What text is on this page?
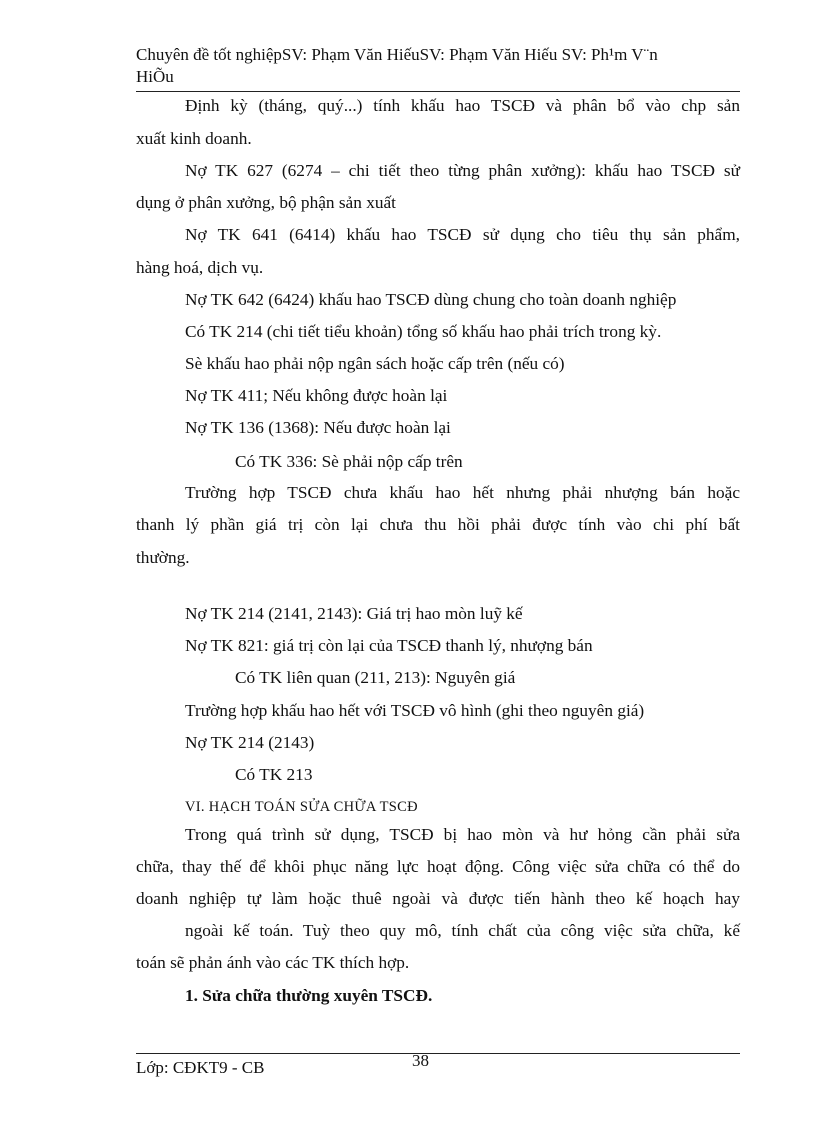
Chuyên đề tốt nghiệpSV: Phạm Văn HiếuSV: Phạm Văn Hiếu SV: Ph¹m V¨n
HiÕu
Định kỳ (tháng, quý...) tính khấu hao TSCĐ và phân bổ vào chp sản
xuất kinh doanh.
Nợ TK 627 (6274 – chi tiết theo từng phân xưởng): khấu hao TSCĐ sử
dụng ở phân xưởng, bộ phận sản xuất
Nợ TK 641 (6414) khấu hao TSCĐ sử dụng cho tiêu thụ sản phẩm,
hàng hoá, dịch vụ.
Nợ TK 642 (6424) khấu hao TSCĐ dùng chung cho toàn doanh nghiệp
Có TK 214 (chi tiết tiểu khoản) tổng số khấu hao phải trích trong kỳ.
Sè khấu hao phải nộp ngân sách hoặc cấp trên (nếu có)
Nợ TK 411; Nếu không được hoàn lại
Nợ TK 136 (1368): Nếu được hoàn lại
Có TK 336: Sè phải nộp cấp trên
Trường hợp TSCĐ chưa khấu hao hết nhưng phải nhượng bán hoặc
thanh lý phần giá trị còn lại chưa thu hồi phải được tính vào chi phí bất
thường.
Nợ TK 214 (2141, 2143): Giá trị hao mòn luỹ kế
Nợ TK 821: giá trị còn lại của TSCĐ thanh lý, nhượng bán
Có TK liên quan (211, 213): Nguyên giá
Trường hợp khấu hao hết với TSCĐ vô hình (ghi theo nguyên giá)
Nợ TK 214 (2143)
Có TK 213
VI. HẠCH TOÁN SỬA CHỮA TSCĐ
Trong quá trình sử dụng, TSCĐ bị hao mòn và hư hỏng cần phải sửa
chữa, thay thế để khôi phục năng lực hoạt động. Công việc sửa chữa có thể do
doanh nghiệp tự làm hoặc thuê ngoài và được tiến hành theo kế hoạch hay
ngoài kế toán. Tuỳ theo quy mô, tính chất của công việc sửa chữa, kế
toán sẽ phản ánh vào các TK thích hợp.
1. Sửa chữa thường xuyên TSCĐ.
38
Lớp: CĐKT9 - CB
